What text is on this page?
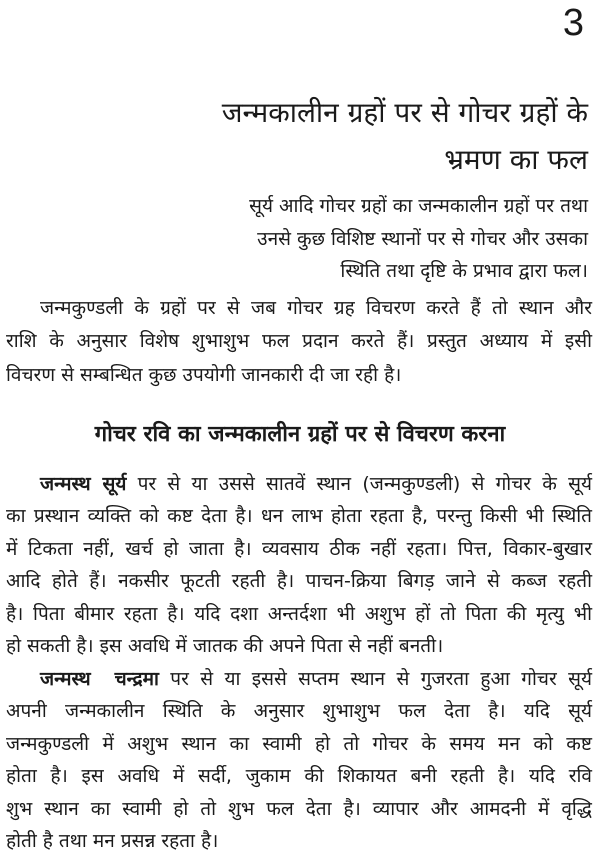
3
जन्मकालीन ग्रहों पर से गोचर ग्रहों के
भ्रमण का फल
सूर्य आदि गोचर ग्रहों का जन्मकालीन ग्रहों पर तथा
उनसे कुछ विशिष्ट स्थानों पर से गोचर और उसका
स्थिति तथा दृष्टि के प्रभाव द्वारा फल।
जन्मकुण्डली के ग्रहों पर से जब गोचर ग्रह विचरण करते हैं तो स्थान और
राशि के अनुसार विशेष शुभाशुभ फल प्रदान करते हैं। प्रस्तुत अध्याय में इसी
विचरण से सम्बन्धित कुछ उपयोगी जानकारी दी जा रही है।
गोचर रवि का जन्मकालीन ग्रहों पर से विचरण करना
जन्मस्थ सूर्य पर से या उससे सातवें स्थान (जन्मकुण्डली) से गोचर के सूर्य
का प्रस्थान व्यक्ति को कष्ट देता है। धन लाभ होता रहता है, परन्तु किसी भी स्थिति
में टिकता नहीं, खर्च हो जाता है। व्यवसाय ठीक नहीं रहता। पित्त, विकार-बुखार
आदि होते हैं। नकसीर फूटती रहती है। पाचन-क्रिया बिगड़ जाने से कब्ज रहती
है। पिता बीमार रहता है। यदि दशा अन्तर्दशा भी अशुभ हों तो पिता की मृत्यु भी
हो सकती है। इस अवधि में जातक की अपने पिता से नहीं बनती।
जन्मस्थ  चन्द्रमा पर से या इससे सप्तम स्थान से गुजरता हुआ गोचर सूर्य
अपनी जन्मकालीन स्थिति के अनुसार शुभाशुभ फल देता है। यदि सूर्य
जन्मकुण्डली में अशुभ स्थान का स्वामी हो तो गोचर के समय मन को कष्ट
होता है। इस अवधि में सर्दी, जुकाम की शिकायत बनी रहती है। यदि रवि
शुभ स्थान का स्वामी हो तो शुभ फल देता है। व्यापार और आमदनी में वृद्धि
होती है तथा मन प्रसन्न रहता है।
